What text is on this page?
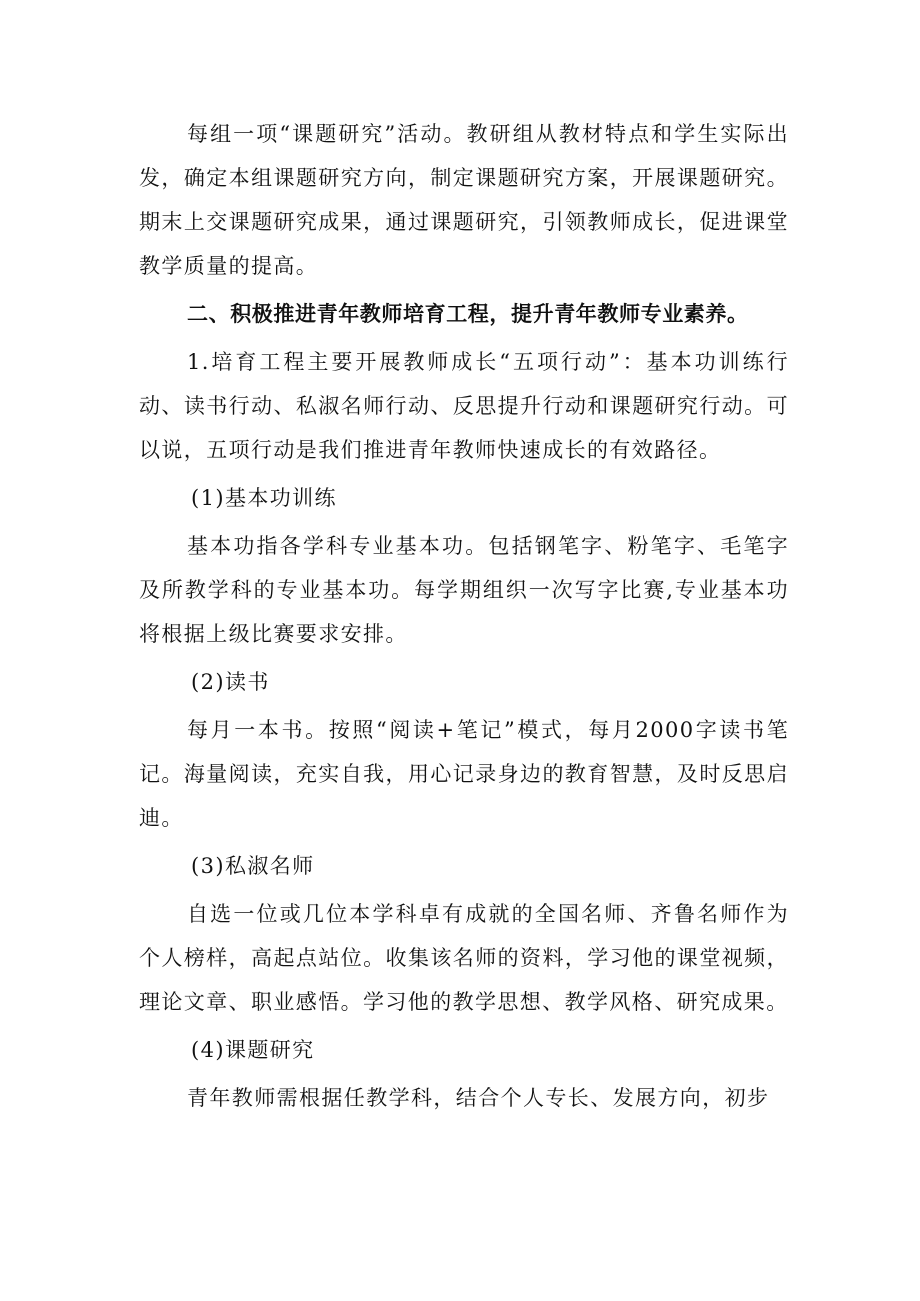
每组一项“课题研究”活动。教研组从教材特点和学生实际出发，确定本组课题研究方向，制定课题研究方案，开展课题研究。期末上交课题研究成果，通过课题研究，引领教师成长，促进课堂教学质量的提高。

二、积极推进青年教师培育工程，提升青年教师专业素养。

1.培育工程主要开展教师成长“五项行动”：基本功训练行动、读书行动、私淑名师行动、反思提升行动和课题研究行动。可以说，五项行动是我们推进青年教师快速成长的有效路径。

(1)基本功训练

基本功指各学科专业基本功。包括钢笔字、粉笔字、毛笔字及所教学科的专业基本功。每学期组织一次写字比赛,专业基本功将根据上级比赛要求安排。

(2)读书

每月一本书。按照“阅读+笔记”模式，每月2000字读书笔记。海量阅读，充实自我，用心记录身边的教育智慧，及时反思启迪。

(3)私淑名师

自选一位或几位本学科卓有成就的全国名师、齐鲁名师作为个人榜样，高起点站位。收集该名师的资料，学习他的课堂视频，理论文章、职业感悟。学习他的教学思想、教学风格、研究成果。

(4)课题研究

青年教师需根据任教学科，结合个人专长、发展方向，初步
